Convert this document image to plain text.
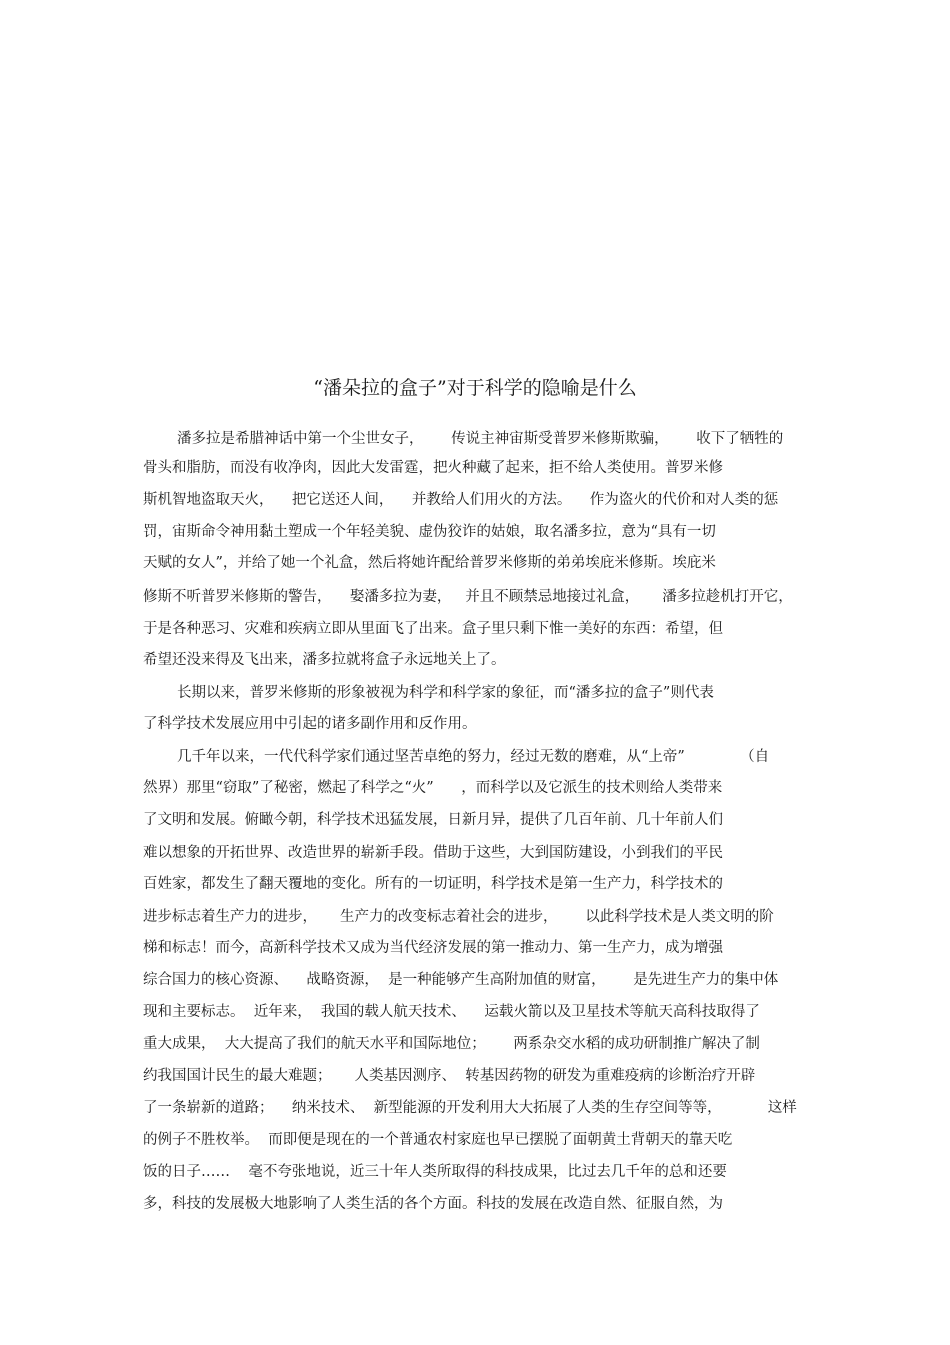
“潘朵拉的盒子”对于科学的隐喻是什么
潘多拉是希腊神话中第一个尘世女子，      传说主神宙斯受普罗米修斯欺骗，      收下了牺牲的
骨头和脂肪，而没有收净肉，因此大发雷霆，把火种藏了起来，拒不给人类使用。普罗米修
斯机智地盗取天火，    把它送还人间，    并教给人们用火的方法。    作为盗火的代价和对人类的惩
罚，宙斯命令神用黏土塑成一个年轻美貌、虚伪狡诈的姑娘，取名潘多拉，意为“具有一切
天赋的女人”，并给了她一个礼盒，然后将她许配给普罗米修斯的弟弟埃庇米修斯。埃庇米
修斯不听普罗米修斯的警告，    娶潘多拉为妻，   并且不顾禁忌地接过礼盒，     潘多拉趁机打开它，
于是各种恶习、灾难和疾病立即从里面飞了出来。盒子里只剩下惟一美好的东西：希望，但
希望还没来得及飞出来，潘多拉就将盒子永远地关上了。
长期以来，普罗米修斯的形象被视为科学和科学家的象征，而“潘多拉的盒子”则代表
了科学技术发展应用中引起的诸多副作用和反作用。
几千年以来，一代代科学家们通过坚苦卓绝的努力，经过无数的磨难，从“上帝”            （自
然界）那里“窃取”了秘密，燃起了科学之“火”      ，而科学以及它派生的技术则给人类带来
了文明和发展。俯瞰今朝，科学技术迅猛发展，日新月异，提供了几百年前、几十年前人们
难以想象的开拓世界、改造世界的崭新手段。借助于这些，大到国防建设，小到我们的平民
百姓家，都发生了翻天覆地的变化。所有的一切证明，科学技术是第一生产力，科学技术的
进步标志着生产力的进步，     生产力的改变标志着社会的进步，      以此科学技术是人类文明的阶
梯和标志！而今，高新科学技术又成为当代经济发展的第一推动力、第一生产力，成为增强
综合国力的核心资源、    战略资源，  是一种能够产生高附加值的财富，      是先进生产力的集中体
现和主要标志。  近年来，  我国的载人航天技术、    运载火箭以及卫星技术等航天高科技取得了
重大成果，  大大提高了我们的航天水平和国际地位；      两系杂交水稻的成功研制推广解决了制
约我国国计民生的最大难题；     人类基因测序、  转基因药物的研发为重难疫病的诊断治疗开辟
了一条崭新的道路；    纳米技术、  新型能源的开发利用大大拓展了人类的生存空间等等，          这样
的例子不胜枚举。  而即便是现在的一个普通农村家庭也早已摆脱了面朝黄土背朝天的靠天吃
饭的日子……    毫不夸张地说，近三十年人类所取得的科技成果，比过去几千年的总和还要
多，科技的发展极大地影响了人类生活的各个方面。科技的发展在改造自然、征服自然，为
